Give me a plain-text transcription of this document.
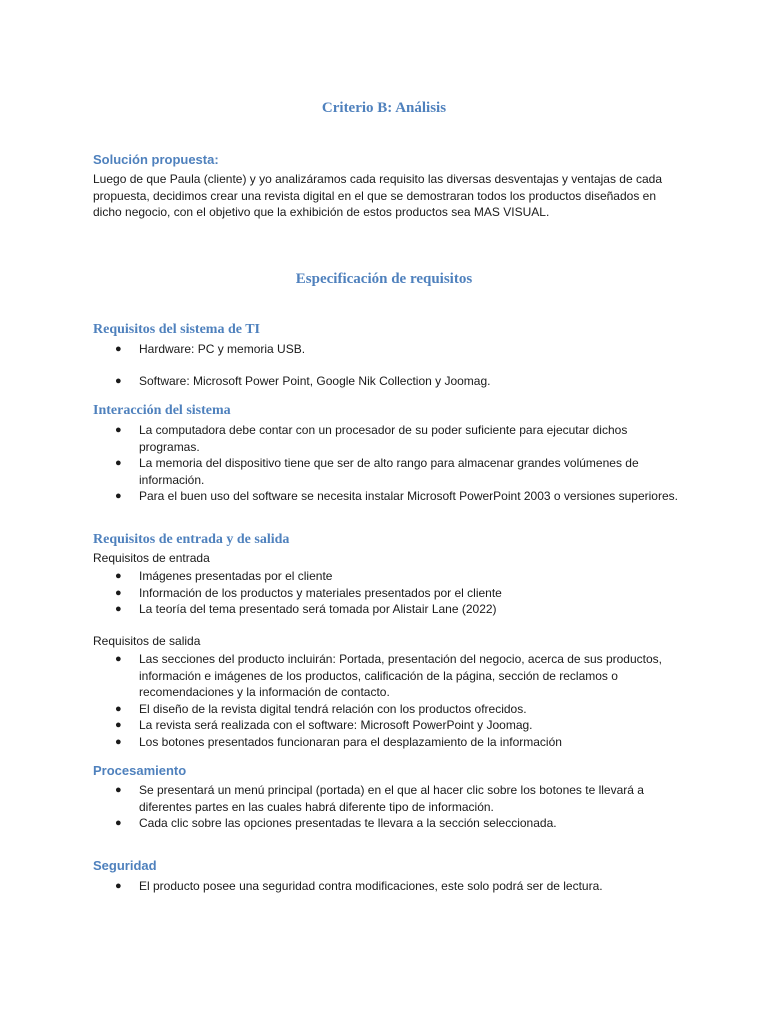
Criterio B: Análisis
Solución propuesta:

Luego de que Paula (cliente) y yo analizáramos cada requisito las diversas desventajas y ventajas de cada propuesta, decidimos crear una revista digital en el que se demostraran todos los productos diseñados en dicho negocio, con el objetivo que la exhibición de estos productos sea MAS VISUAL.

Especificación de requisitos
Requisitos del sistema de TI
● Hardware: PC y memoria USB.
● Software: Microsoft Power Point, Google Nik Collection y Joomag.
Interacción del sistema
● La computadora debe contar con un procesador de su poder suficiente para ejecutar dichos programas.
● La memoria del dispositivo tiene que ser de alto rango para almacenar grandes volúmenes de información.
● Para el buen uso del software se necesita instalar Microsoft PowerPoint 2003 o versiones superiores.
Requisitos de entrada y de salida

Requisitos de entrada

● Imágenes presentadas por el cliente
● Información de los productos y materiales presentados por el cliente
● La teoría del tema presentado será tomada por Alistair Lane (2022)

Requisitos de salida

● Las secciones del producto incluirán: Portada, presentación del negocio, acerca de sus productos, información e imágenes de los productos, calificación de la página, sección de reclamos o recomendaciones y la información de contacto.
● El diseño de la revista digital tendrá relación con los productos ofrecidos.
● La revista será realizada con el software: Microsoft PowerPoint y Joomag.
● Los botones presentados funcionaran para el desplazamiento de la información
Procesamiento
● Se presentará un menú principal (portada) en el que al hacer clic sobre los botones te llevará a diferentes partes en las cuales habrá diferente tipo de información.
● Cada clic sobre las opciones presentadas te llevara a la sección seleccionada.
Seguridad
● El producto posee una seguridad contra modificaciones, este solo podrá ser de lectura.
